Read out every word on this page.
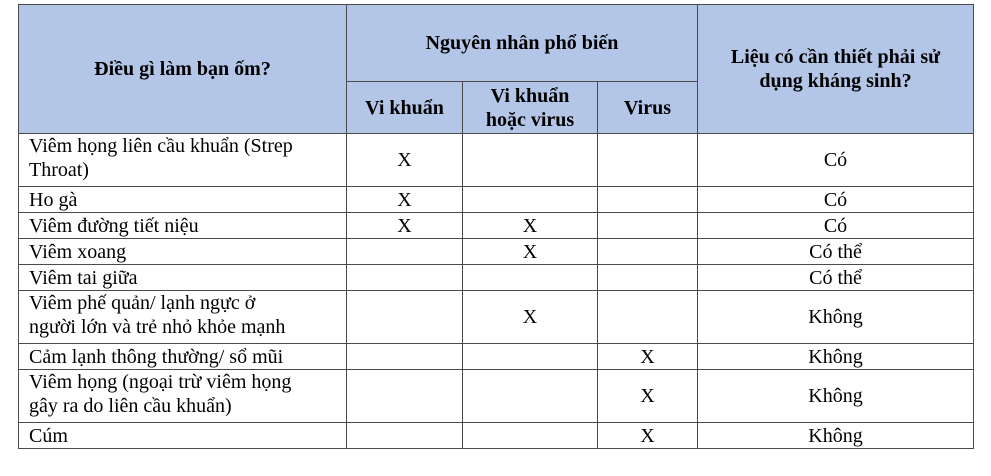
Điều gì làm bạn ốm?	Nguyên nhân phổ biến			Liệu có cần thiết phải sử
dụng kháng sinh?

	Vi khuẩn	Vi khuẩn
hoặc virus	Virus	

Viêm họng liên cầu khuẩn (Strep
Throat)	X			Có
Ho gà	X			Có
Viêm đường tiết niệu	X	X		Có
Viêm xoang		X		Có thể
Viêm tai giữa				Có thể

Viêm phế quản/ lạnh ngực ở
người lớn và trẻ nhỏ khỏe mạnh		X		Không
Cảm lạnh thông thường/ sổ mũi			X	Không

Viêm họng (ngoại trừ viêm họng
gây ra do liên cầu khuẩn)			X	Không
Cúm			X	Không
